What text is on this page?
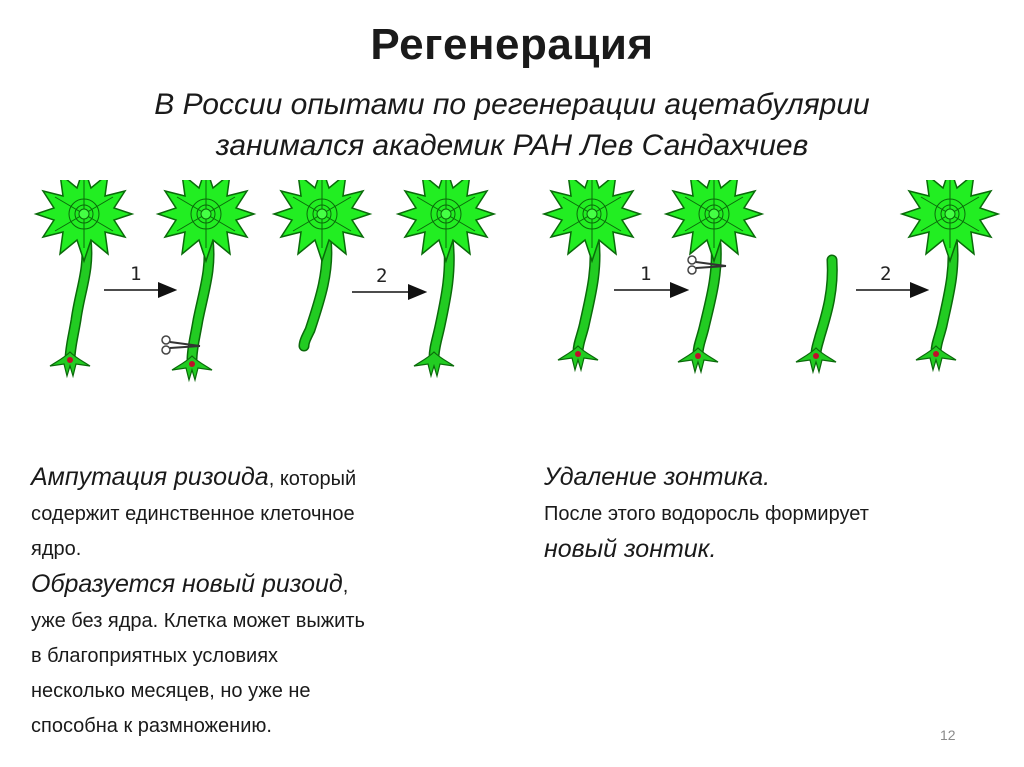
Регенерация
В России опытами по регенерации ацетабулярии
занимался академик РАН Лев Сандахчиев
1	2	1	2
Ампутация ризоида, который
содержит единственное клеточное
ядро.
Образуется новый ризоид,
уже без ядра. Клетка может выжить
в благоприятных условиях
несколько месяцев, но уже не
способна к размножению.
Удаление зонтика.
После этого водоросль формирует
новый зонтик.
12
